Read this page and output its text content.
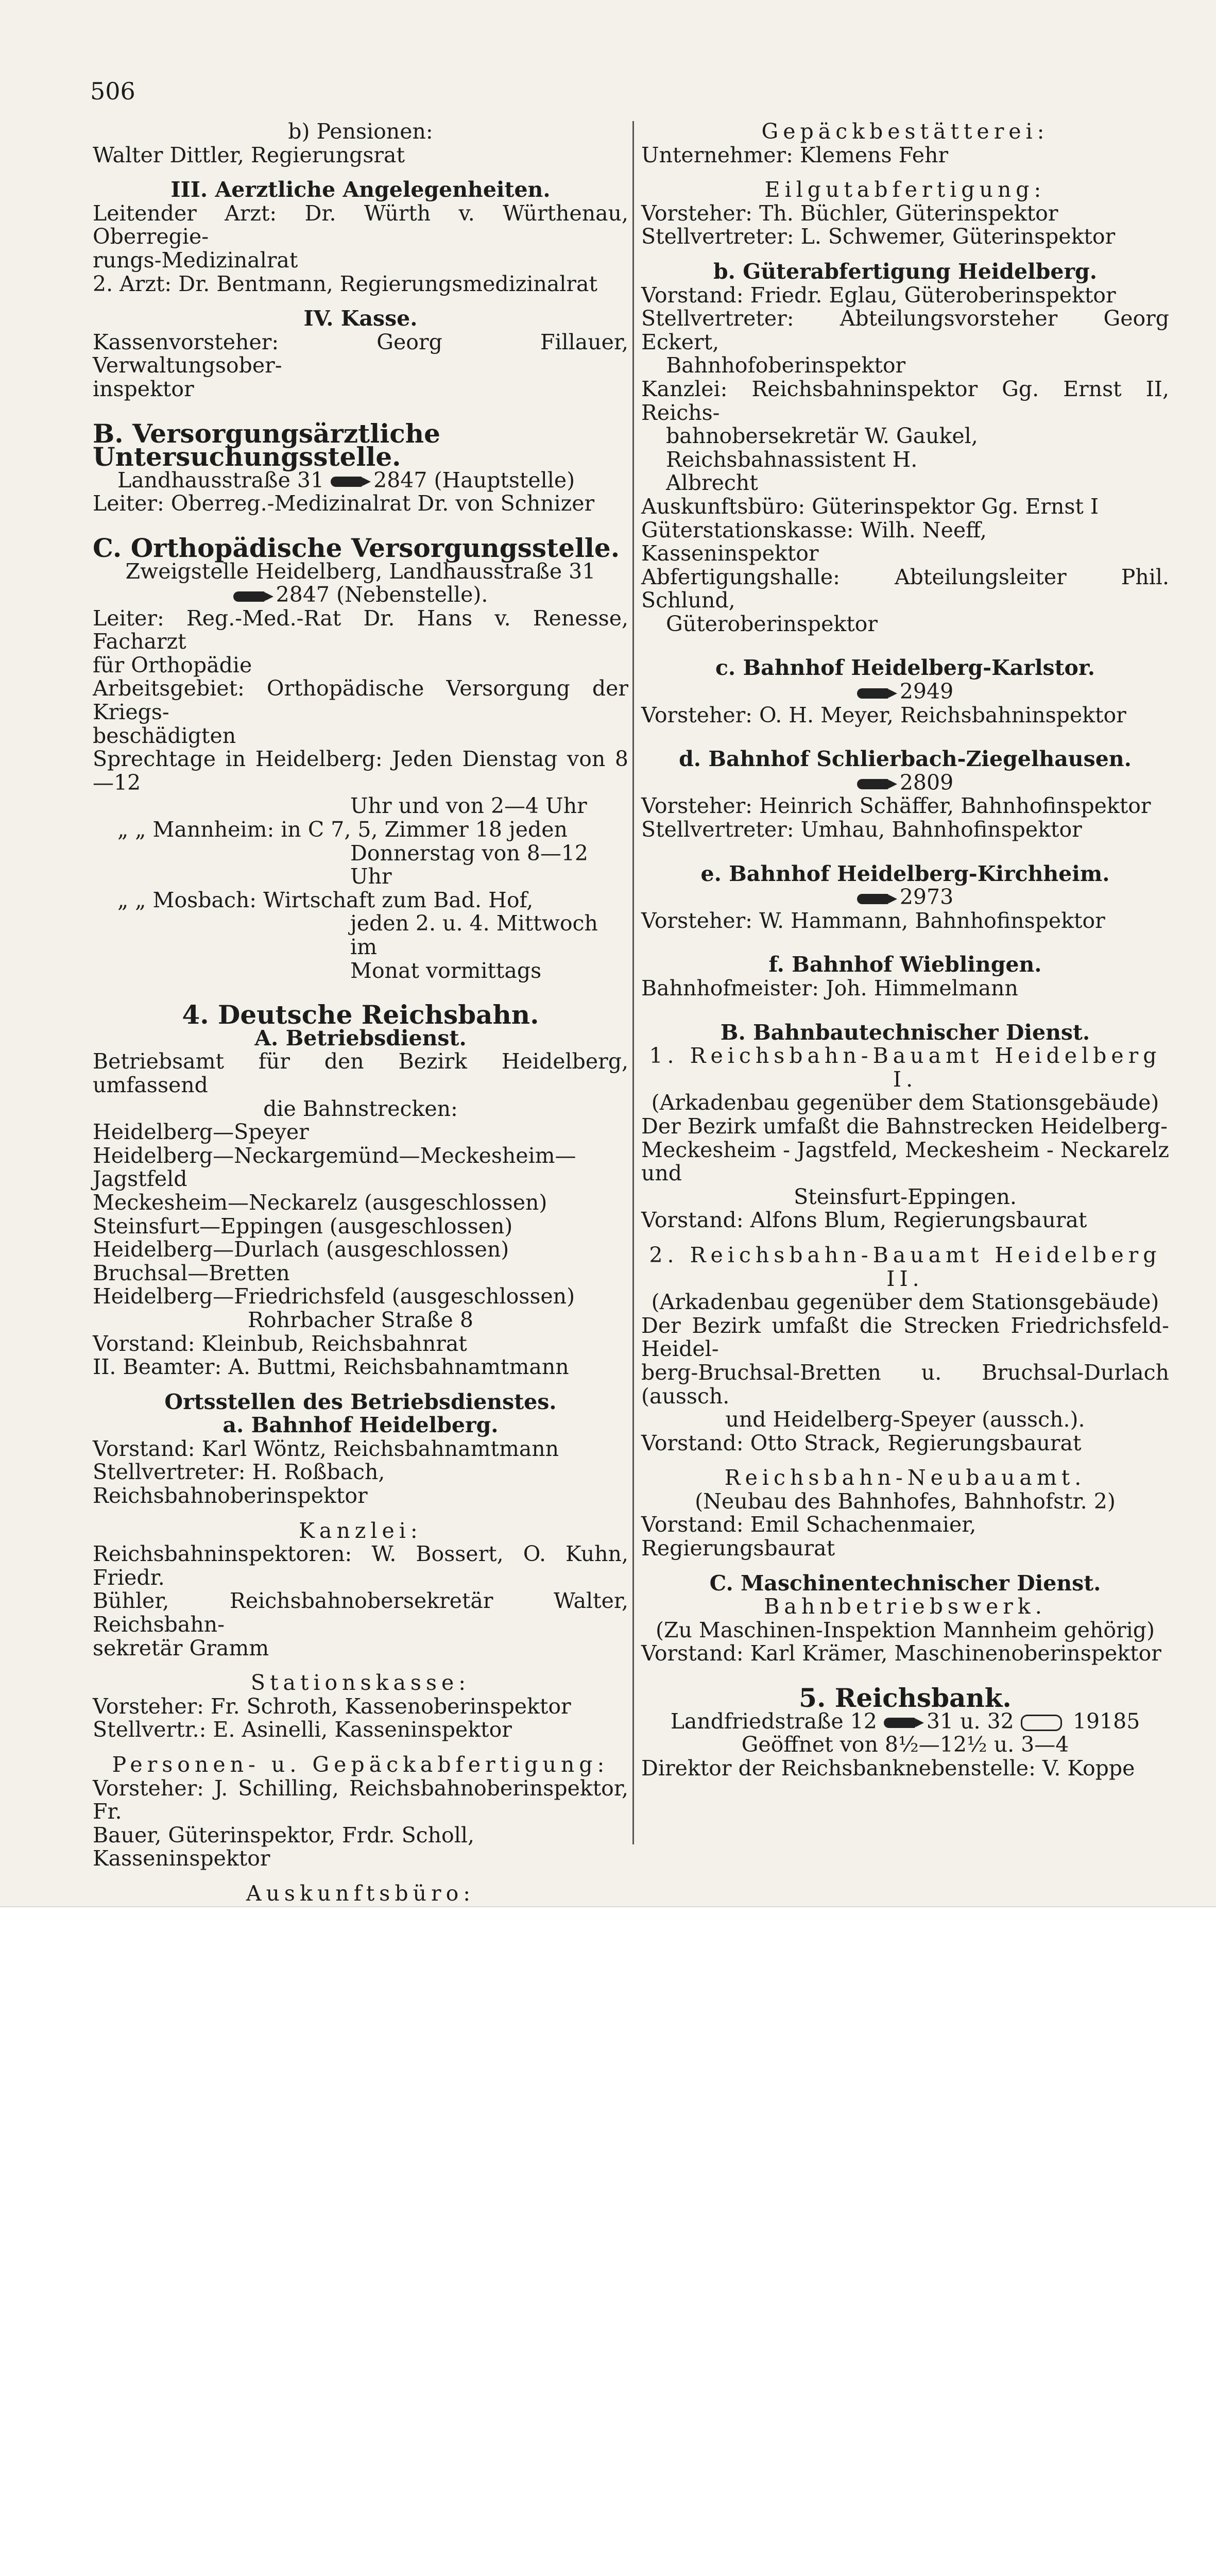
506

b) Pensionen:

Walter Dittler, Regierungsrat

III. Aerztliche Angelegenheiten.

Leitender Arzt: Dr. Würth v. Würthenau, Oberregie-

rungs-Medizinalrat

2. Arzt: Dr. Bentmann, Regierungsmedizinalrat

IV. Kasse.

Kassenvorsteher: Georg Fillauer, Verwaltungsober-

inspektor

B. Versorgungsärztliche Untersuchungsstelle.

Landhausstraße 31 2847 (Hauptstelle)

Leiter: Oberreg.-Medizinalrat Dr. von Schnizer

C. Orthopädische Versorgungsstelle.

Zweigstelle Heidelberg, Landhausstraße 31

2847 (Nebenstelle).

Leiter: Reg.-Med.-Rat Dr. Hans v. Renesse, Facharzt

für Orthopädie

Arbeitsgebiet: Orthopädische Versorgung der Kriegs-

beschädigten

Sprechtage in Heidelberg: Jeden Dienstag von 8—12

Uhr und von 2—4 Uhr

„ „ Mannheim: in C 7, 5, Zimmer 18 jeden

Donnerstag von 8—12 Uhr

„ „ Mosbach: Wirtschaft zum Bad. Hof,

jeden 2. u. 4. Mittwoch im

Monat vormittags

4. Deutsche Reichsbahn.

A. Betriebsdienst.

Betriebsamt für den Bezirk Heidelberg, umfassend

die Bahnstrecken:

Heidelberg—Speyer

Heidelberg—Neckargemünd—Meckesheim—Jagstfeld

Meckesheim—Neckarelz (ausgeschlossen)

Steinsfurt—Eppingen (ausgeschlossen)

Heidelberg—Durlach (ausgeschlossen)

Bruchsal—Bretten

Heidelberg—Friedrichsfeld (ausgeschlossen)

Rohrbacher Straße 8

Vorstand: Kleinbub, Reichsbahnrat

II. Beamter: A. Buttmi, Reichsbahnamtmann

Ortsstellen des Betriebsdienstes.

a. Bahnhof Heidelberg.

Vorstand: Karl Wöntz, Reichsbahnamtmann

Stellvertreter: H. Roßbach, Reichsbahnoberinspektor

Kanzlei:

Reichsbahninspektoren: W. Bossert, O. Kuhn, Friedr.

Bühler, Reichsbahnobersekretär Walter, Reichsbahn-

sekretär Gramm

Stationskasse:

Vorsteher: Fr. Schroth, Kassenoberinspektor

Stellvertr.: E. Asinelli, Kasseninspektor

Personen- u. Gepäckabfertigung:

Vorsteher: J. Schilling, Reichsbahnoberinspektor, Fr.

Bauer, Güterinspektor, Frdr. Scholl, Kasseninspektor

Auskunftsbüro:

Gepäckbestätterei:

Unternehmer: Klemens Fehr

Eilgutabfertigung:

Vorsteher: Th. Büchler, Güterinspektor

Stellvertreter: L. Schwemer, Güterinspektor

b. Güterabfertigung Heidelberg.

Vorstand: Friedr. Eglau, Güteroberinspektor

Stellvertreter: Abteilungsvorsteher Georg Eckert,

Bahnhofoberinspektor

Kanzlei: Reichsbahninspektor Gg. Ernst II, Reichs-

bahnobersekretär W. Gaukel, Reichsbahnassistent H.

Albrecht

Auskunftsbüro: Güterinspektor Gg. Ernst I

Güterstationskasse: Wilh. Neeff, Kasseninspektor

Abfertigungshalle: Abteilungsleiter Phil. Schlund,

Güteroberinspektor

c. Bahnhof Heidelberg-Karlstor.

2949

Vorsteher: O. H. Meyer, Reichsbahninspektor

d. Bahnhof Schlierbach-Ziegelhausen.

2809

Vorsteher: Heinrich Schäffer, Bahnhofinspektor

Stellvertreter: Umhau, Bahnhofinspektor

e. Bahnhof Heidelberg-Kirchheim.

2973

Vorsteher: W. Hammann, Bahnhofinspektor

f. Bahnhof Wieblingen.

Bahnhofmeister: Joh. Himmelmann

B. Bahnbautechnischer Dienst.

1. Reichsbahn-Bauamt Heidelberg I.

(Arkadenbau gegenüber dem Stationsgebäude)

Der Bezirk umfaßt die Bahnstrecken Heidelberg-

Meckesheim - Jagstfeld, Meckesheim - Neckarelz und

Steinsfurt-Eppingen.

Vorstand: Alfons Blum, Regierungsbaurat

2. Reichsbahn-Bauamt Heidelberg II.

(Arkadenbau gegenüber dem Stationsgebäude)

Der Bezirk umfaßt die Strecken Friedrichsfeld-Heidel-

berg-Bruchsal-Bretten u. Bruchsal-Durlach (aussch.

und Heidelberg-Speyer (aussch.).

Vorstand: Otto Strack, Regierungsbaurat

Reichsbahn-Neubauamt.

(Neubau des Bahnhofes, Bahnhofstr. 2)

Vorstand: Emil Schachenmaier, Regierungsbaurat

C. Maschinentechnischer Dienst.

Bahnbetriebswerk.

(Zu Maschinen-Inspektion Mannheim gehörig)

Vorstand: Karl Krämer, Maschinenoberinspektor

5. Reichsbank.

Landfriedstraße 12 31 u. 32	19185

Geöffnet von 8½—12½ u. 3—4

Direktor der Reichsbanknebenstelle: V. Koppe
